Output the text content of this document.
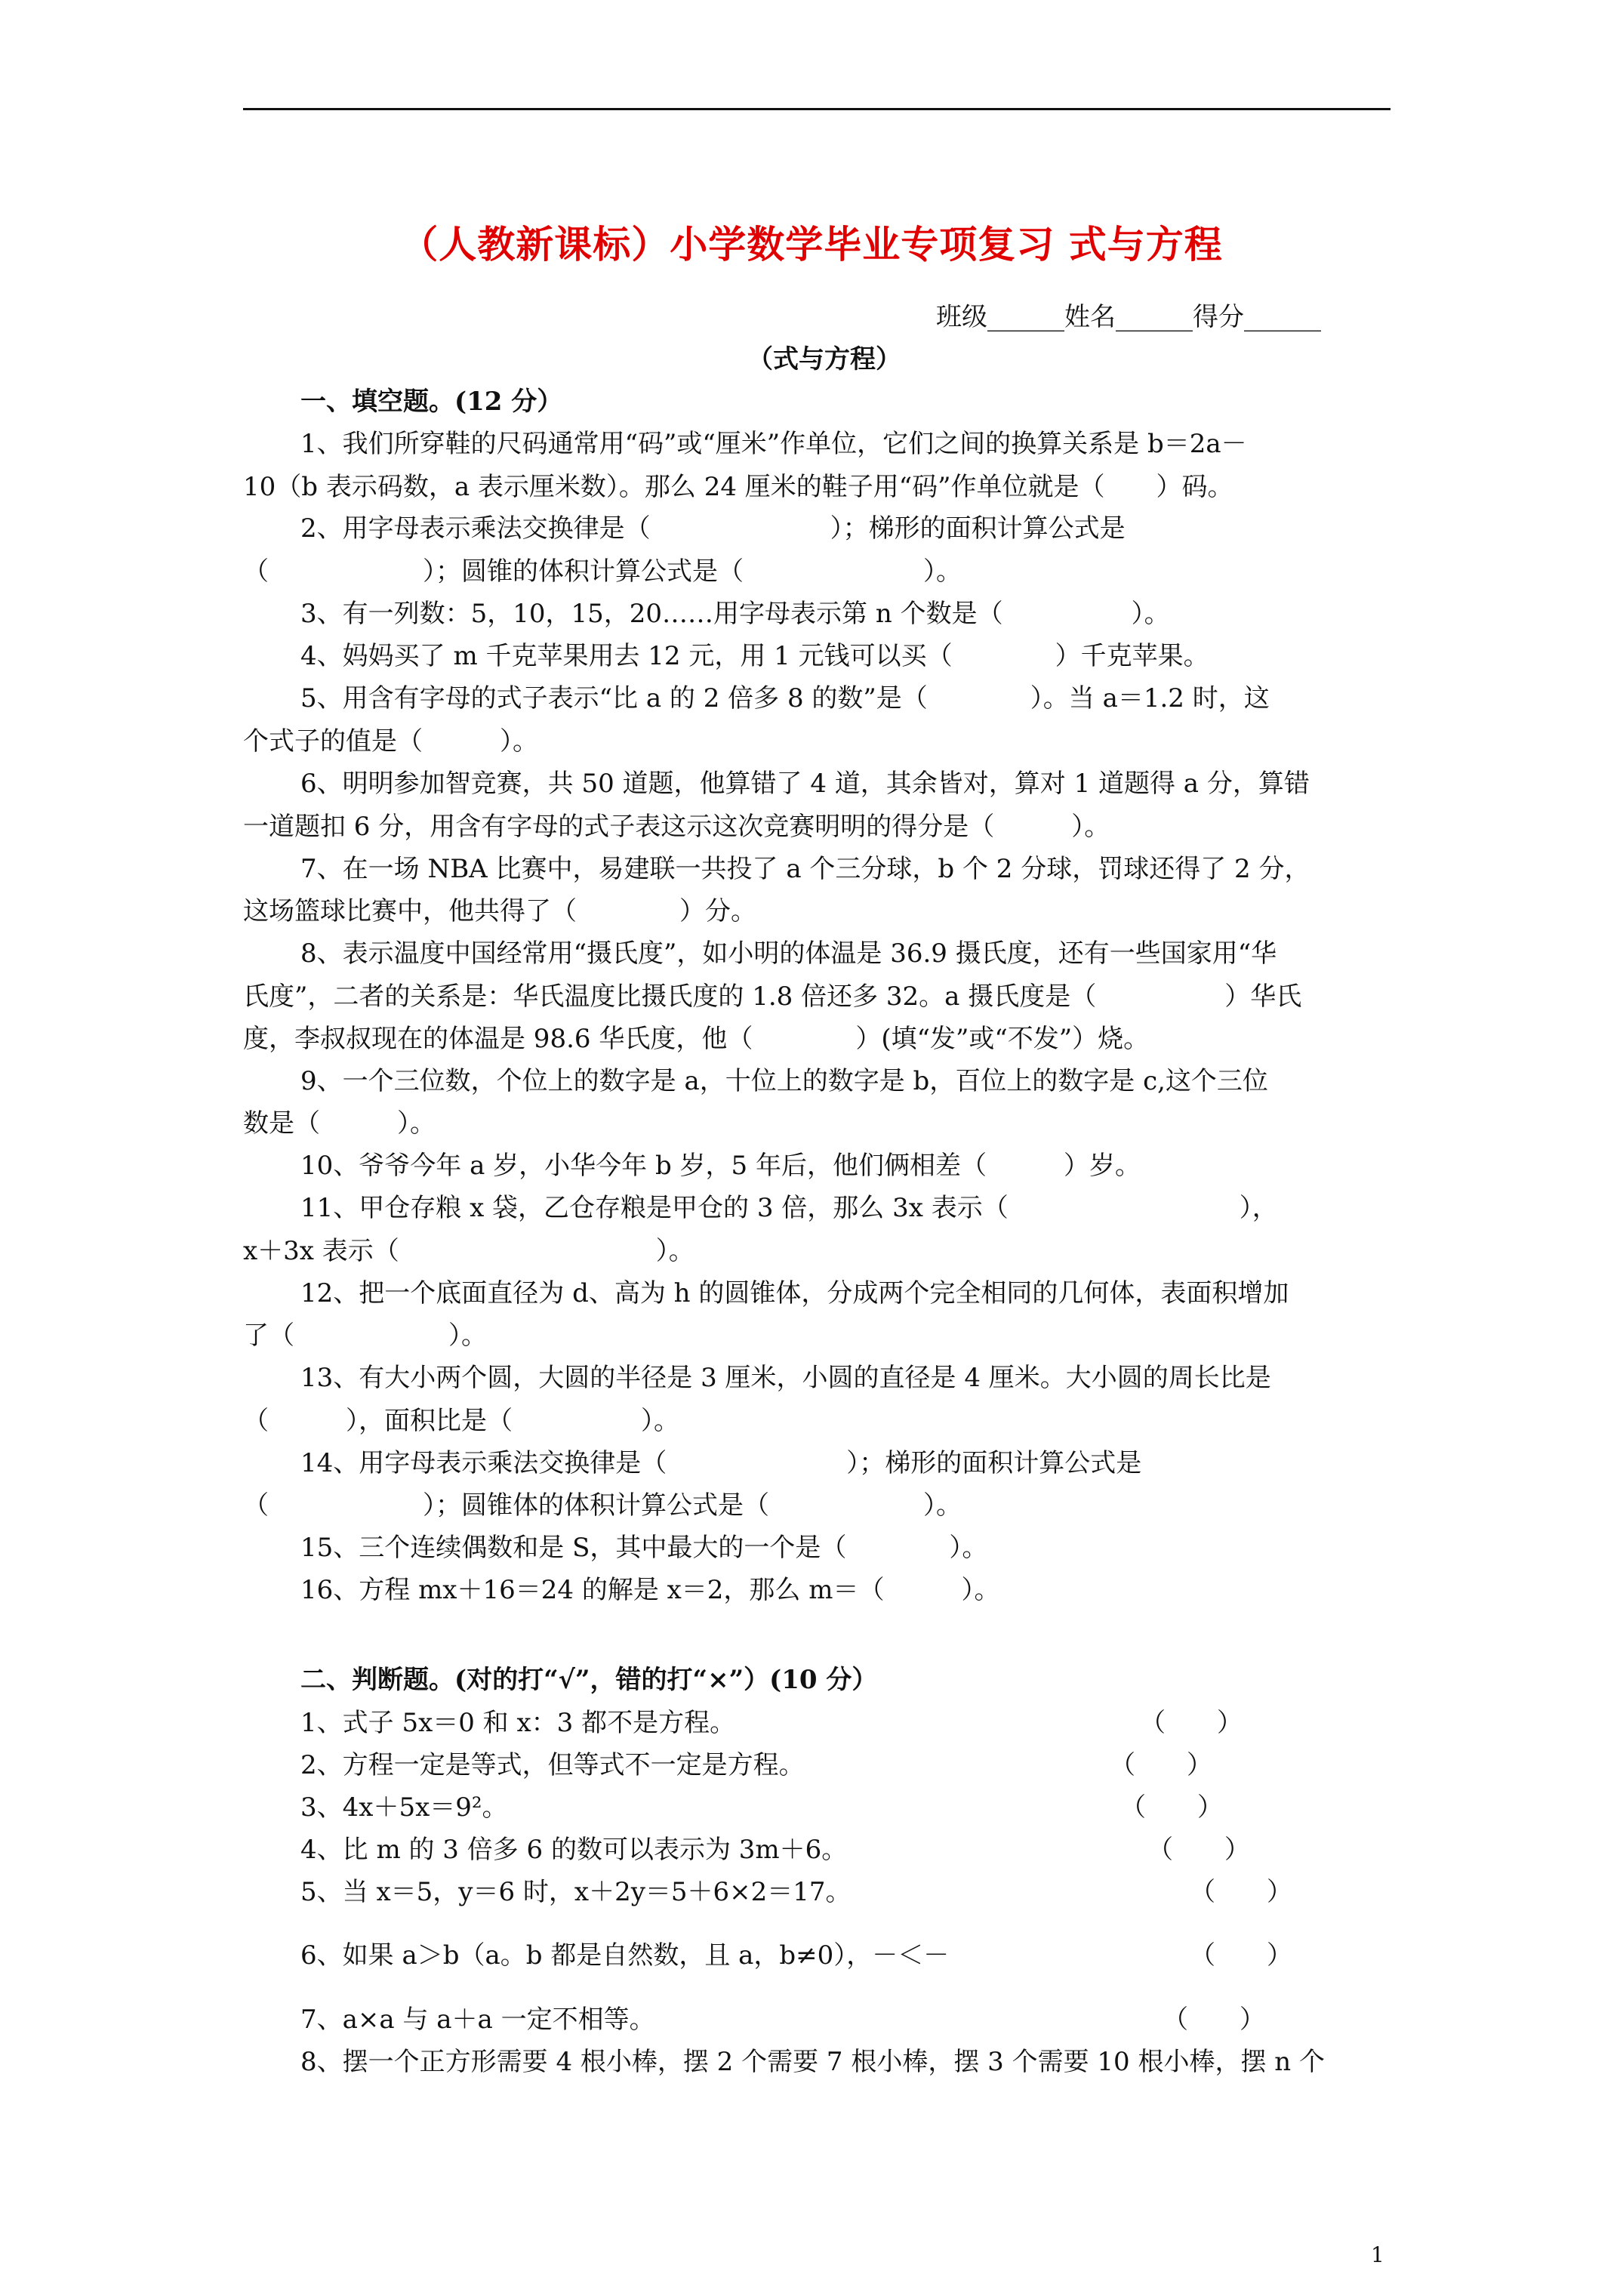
（人教新课标）小学数学毕业专项复习 式与方程
班级______姓名______得分______
（式与方程）
一、填空题。(12 分）
1、我们所穿鞋的尺码通常用“码”或“厘米”作单位，它们之间的换算关系是 b＝2a－
10（b 表示码数，a 表示厘米数）。那么 24 厘米的鞋子用“码”作单位就是（　　）码。
2、用字母表示乘法交换律是（　　　　　　　）；梯形的面积计算公式是
（　　　　　　）；圆锥的体积计算公式是（　　　　　　　）。
3、有一列数：5，10，15，20……用字母表示第 n 个数是（　　　　　）。
4、妈妈买了 m 千克苹果用去 12 元，用 1 元钱可以买（　　　　）千克苹果。
5、用含有字母的式子表示“比 a 的 2 倍多 8 的数”是（　　　　）。当 a＝1.2 时，这
个式子的值是（　　　）。
6、明明参加智竞赛，共 50 道题，他算错了 4 道，其余皆对，算对 1 道题得 a 分，算错
一道题扣 6 分，用含有字母的式子表这示这次竞赛明明的得分是（　　　）。
7、在一场 NBA 比赛中，易建联一共投了 a 个三分球，b 个 2 分球，罚球还得了 2 分，
这场篮球比赛中，他共得了（　　　　）分。
8、表示温度中国经常用“摄氏度”，如小明的体温是 36.9 摄氏度，还有一些国家用“华
氏度”，二者的关系是：华氏温度比摄氏度的 1.8 倍还多 32。a 摄氏度是（　　　　　）华氏
度，李叔叔现在的体温是 98.6 华氏度，他（　　　　）(填“发”或“不发”）烧。
9、一个三位数，个位上的数字是 a，十位上的数字是 b，百位上的数字是 c,这个三位
数是（　　　）。
10、爷爷今年 a 岁，小华今年 b 岁，5 年后，他们俩相差（　　　）岁。
11、甲仓存粮 x 袋，乙仓存粮是甲仓的 3 倍，那么 3x 表示（　　　　　　　　　），
x＋3x 表示（　　　　　　　　　　）。
12、把一个底面直径为 d、高为 h 的圆锥体，分成两个完全相同的几何体，表面积增加
了（　　　　　　）。
13、有大小两个圆，大圆的半径是 3 厘米，小圆的直径是 4 厘米。大小圆的周长比是
（　　　），面积比是（　　　　　）。
14、用字母表示乘法交换律是（　　　　　　　）；梯形的面积计算公式是
（　　　　　　）；圆锥体的体积计算公式是（　　　　　　）。
15、三个连续偶数和是 S，其中最大的一个是（　　　　）。
16、方程 mx＋16＝24 的解是 x＝2，那么 m＝（　　　）。
二、判断题。(对的打“√”，错的打“×”）(10 分）
1、式子 5x＝0 和 x：3 都不是方程。	（　　）
2、方程一定是等式，但等式不一定是方程。	（　　）
3、4x＋5x＝9²。	（　　）
4、比 m 的 3 倍多 6 的数可以表示为 3m＋6。	（　　）
5、当 x＝5，y＝6 时，x＋2y＝5＋6×2＝17。	（　　）
6、如果 a＞b（a。b 都是自然数，且 a，b≠0），－＜－	（　　）
7、a×a 与 a＋a 一定不相等。	（　　）
8、摆一个正方形需要 4 根小棒，摆 2 个需要 7 根小棒，摆 3 个需要 10 根小棒，摆 n 个
1
